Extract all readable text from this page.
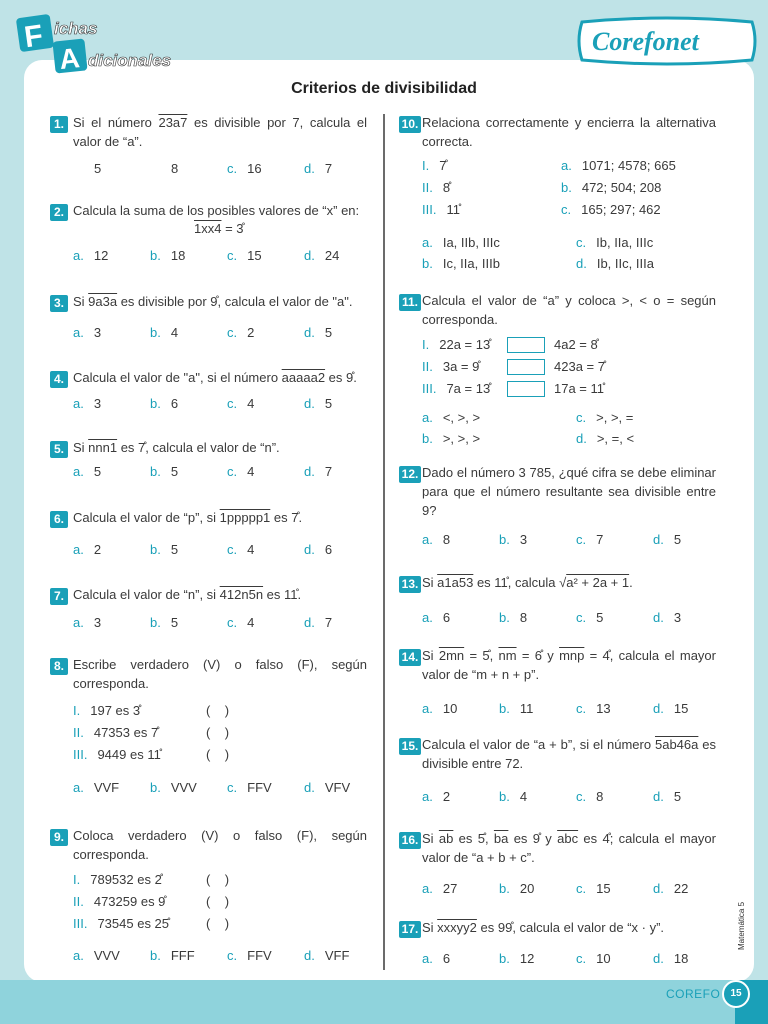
F ichas
A dicionales
Corefonet
Criterios de divisibilidad
1. Si el número 23a7 es divisible por 7, calcula el valor de “a”.
5	8	c. 16	d. 7
2. Calcula la suma de los posibles valores de “x” en:
1xx4 = 3̊
a. 12	b. 18	c. 15	d. 24
3. Si 9a3a es divisible por 9̊, calcula el valor de "a".
a. 3	b. 4	c. 2	d. 5
4. Calcula el valor de "a", si el número aaaaa2 es 9̊.
a. 3	b. 6	c. 4	d. 5
5. Si nnn1 es 7̊, calcula el valor de “n”.
a. 5	b. 5	c. 4	d. 7
6. Calcula el valor de “p”, si 1ppppp1 es 7̊.
a. 2	b. 5	c. 4	d. 6
7. Calcula el valor de “n”, si 412n5n es 11̊.
a. 3	b. 5	c. 4	d. 7
8. Escribe verdadero (V) o falso (F), según corresponda.
I. 197 es 3̊	(    )
II. 47353 es 7̊	(    )
III. 9449 es 11̊	(    )
a. VVF b. VVV c. FFV d. VFV
9. Coloca verdadero (V) o falso (F), según corresponda.
I. 789532 es 2̊	(    )
II. 473259 es 9̊	(    )
III. 73545 es 25̊	(    )
a. VVV b. FFF c. FFV d. VFF
10. Relaciona correctamente y encierra la alternativa correcta.
I. 7̊	a. 1071; 4578; 665
II. 8̊	b. 472; 504; 208
III. 11̊	c. 165; 297; 462
a. Ia, IIb, IIIc	c. Ib, IIa, IIIc
b. Ic, IIa, IIIb	d. Ib, IIc, IIIa
11. Calcula el valor de “a” y coloca >, < o = según corresponda.
I. 22a = 13̊	4a2 = 8̊
II. 3a = 9̊	423a = 7̊
III. 7a = 13̊	17a = 11̊
a. <, >, >	c. >, >, =
b. >, >, >	d. >, =, <
12. Dado el número 3 785, ¿qué cifra se debe eliminar para que el número resultante sea divisible entre 9?
a. 8	b. 3	c. 7	d. 5
13. Si a1a53 es 11̊, calcula √a² + 2a + 1.
a. 6	b. 8	c. 5	d. 3
14. Si 2mn = 5̊, $\overline{nm}$ = 6̊ y $\overline{mnp}$ = 4̊, calcula el mayor valor de “m + n + p”.
a. 10	b. 11	c. 13	d. 15
15. Calcula el valor de “a + b”, si el número 5ab46a es divisible entre 72.
a. 2	b. 4	c. 8	d. 5
16. Si $\overline{ab}$ es 5̊, $\overline{ba}$ es 9̊ y $\overline{abc}$ es 4̊; calcula el mayor valor de “a + b + c”.
a. 27	b. 20	c. 15	d. 22
17. Si xxxyy2 es 99̊, calcula el valor de “x · y”.
a. 6	b. 12	c. 10	d. 18
Matemática 5
COREFO	15
